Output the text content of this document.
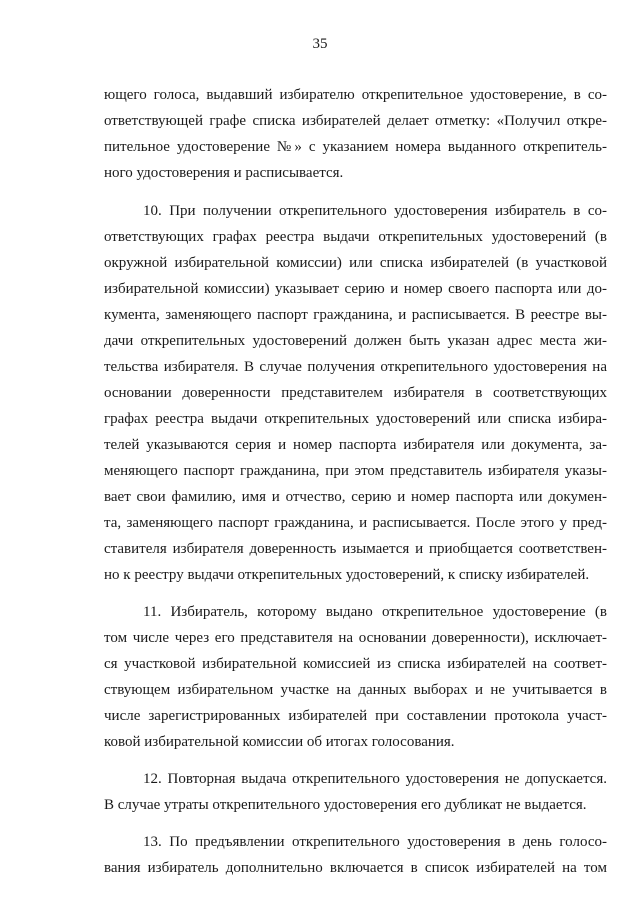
35
ющего голоса, выдавший избирателю открепительное удостоверение, в со-
ответствующей графе списка избирателей делает отметку: «Получил откре-
пительное удостоверение №» с указанием номера выданного открепитель-
ного удостоверения и расписывается.
10. При получении открепительного удостоверения избиратель в со-
ответствующих графах реестра выдачи открепительных удостоверений (в
окружной избирательной комиссии) или списка избирателей (в участковой
избирательной комиссии) указывает серию и номер своего паспорта или до-
кумента, заменяющего паспорт гражданина, и расписывается. В реестре вы-
дачи открепительных удостоверений должен быть указан адрес места жи-
тельства избирателя. В случае получения открепительного удостоверения на
основании доверенности представителем избирателя в соответствующих
графах реестра выдачи открепительных удостоверений или списка избира-
телей указываются серия и номер паспорта избирателя или документа, за-
меняющего паспорт гражданина, при этом представитель избирателя указы-
вает свои фамилию, имя и отчество, серию и номер паспорта или докумен-
та, заменяющего паспорт гражданина, и расписывается. После этого у пред-
ставителя избирателя доверенность изымается и приобщается соответствен-
но к реестру выдачи открепительных удостоверений, к списку избирателей.
11. Избиратель, которому выдано открепительное удостоверение (в
том числе через его представителя на основании доверенности), исключает-
ся участковой избирательной комиссией из списка избирателей на соответ-
ствующем избирательном участке на данных выборах и не учитывается в
числе зарегистрированных избирателей при составлении протокола участ-
ковой избирательной комиссии об итогах голосования.
12. Повторная выдача открепительного удостоверения не допускается.
В случае утраты открепительного удостоверения его дубликат не выдается.
13. По предъявлении открепительного удостоверения в день голосо-
вания избиратель дополнительно включается в список избирателей на том
